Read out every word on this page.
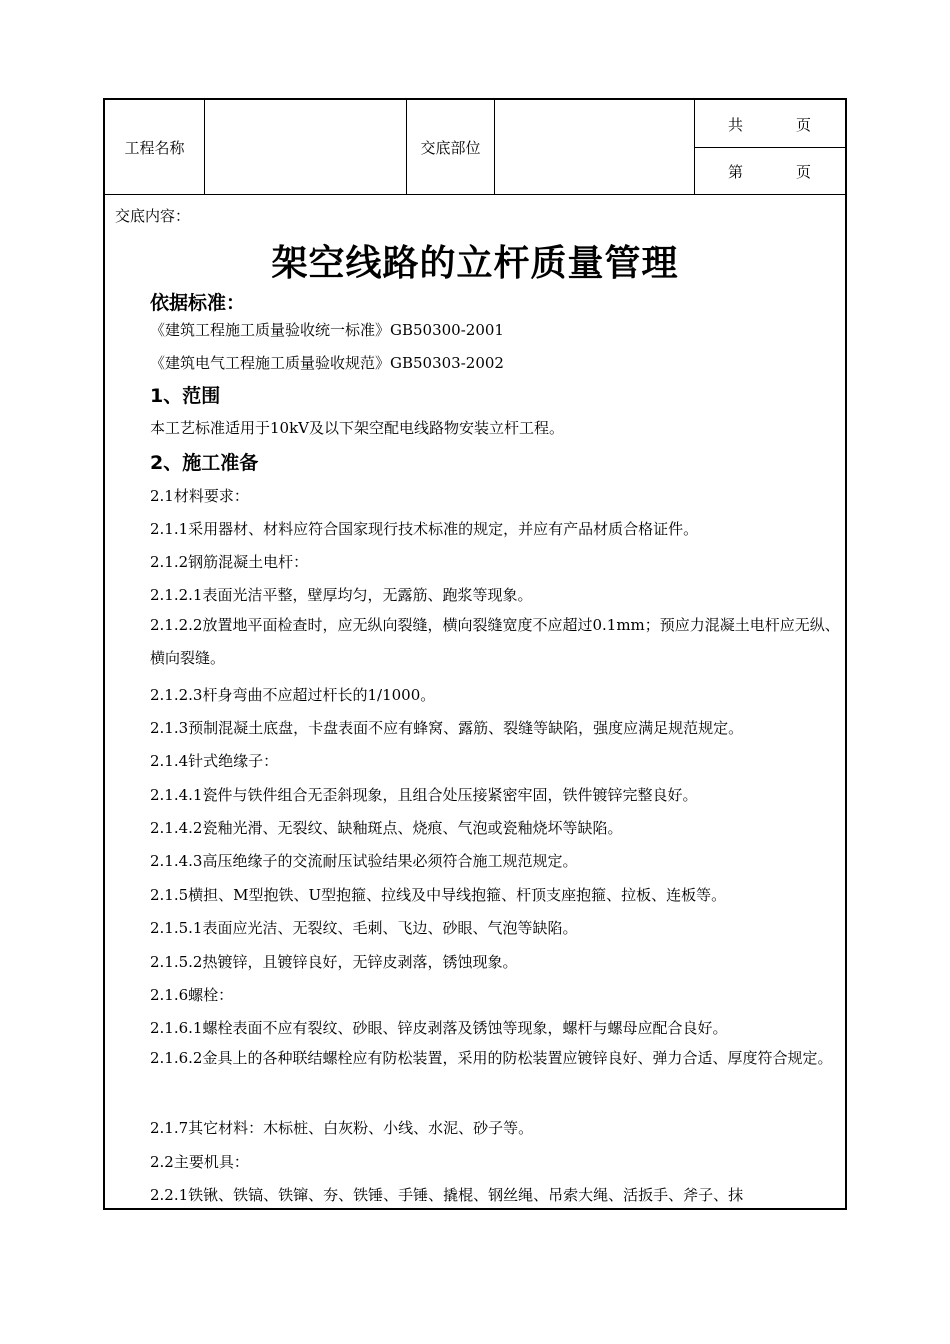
工程名称	交底部位
共	页
第	页
交底内容：
架空线路的立杆质量管理
依据标准：
《建筑工程施工质量验收统一标准》GB50300-2001
《建筑电气工程施工质量验收规范》GB50303-2002
1、范围
本工艺标准适用于10kV及以下架空配电线路物安装立杆工程。
2、施工准备
2.1材料要求：
2.1.1采用器材、材料应符合国家现行技术标准的规定，并应有产品材质合格证件。
2.1.2钢筋混凝土电杆：
2.1.2.1表面光洁平整，壁厚均匀，无露筋、跑浆等现象。
2.1.2.2放置地平面检查时，应无纵向裂缝，横向裂缝宽度不应超过0.1mm；预应力混凝土电杆应无纵、横向裂缝。
2.1.2.3杆身弯曲不应超过杆长的1/1000。
2.1.3预制混凝土底盘，卡盘表面不应有蜂窝、露筋、裂缝等缺陷，强度应满足规范规定。
2.1.4针式绝缘子：
2.1.4.1瓷件与铁件组合无歪斜现象，且组合处压接紧密牢固，铁件镀锌完整良好。
2.1.4.2瓷釉光滑、无裂纹、缺釉斑点、烧痕、气泡或瓷釉烧坏等缺陷。
2.1.4.3高压绝缘子的交流耐压试验结果必须符合施工规范规定。
2.1.5横担、M型抱铁、U型抱箍、拉线及中导线抱箍、杆顶支座抱箍、拉板、连板等。
2.1.5.1表面应光洁、无裂纹、毛刺、飞边、砂眼、气泡等缺陷。
2.1.5.2热镀锌，且镀锌良好，无锌皮剥落，锈蚀现象。
2.1.6螺栓：
2.1.6.1螺栓表面不应有裂纹、砂眼、锌皮剥落及锈蚀等现象，螺杆与螺母应配合良好。
2.1.6.2金具上的各种联结螺栓应有防松装置，采用的防松装置应镀锌良好、弹力合适、厚度符合规定。
2.1.7其它材料：木标桩、白灰粉、小线、水泥、砂子等。
2.2主要机具：
2.2.1铁锹、铁镐、铁镩、夯、铁锤、手锤、撬棍、钢丝绳、吊索大绳、活扳手、斧子、抹
